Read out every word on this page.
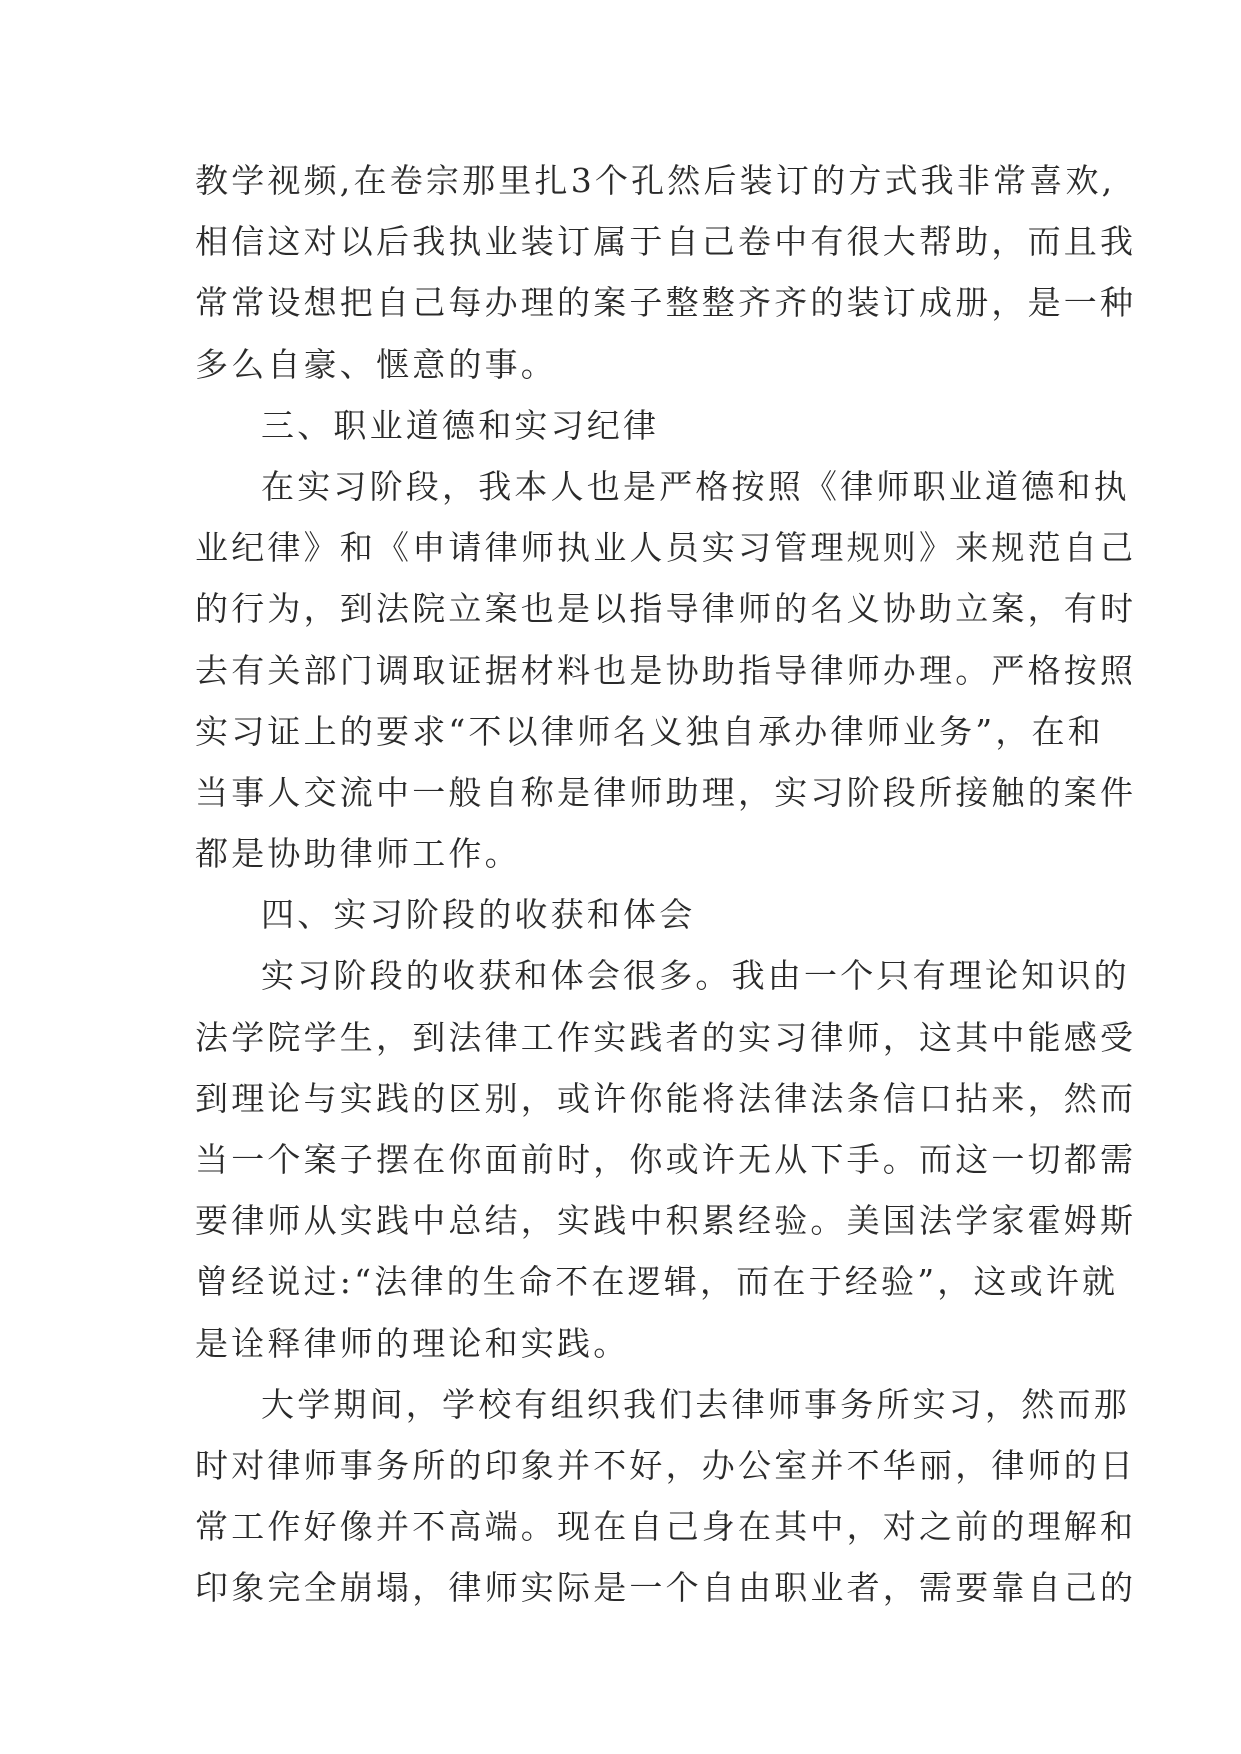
教学视频,在卷宗那里扎3个孔然后装订的方式我非常喜欢,
相信这对以后我执业装订属于自己卷中有很大帮助，而且我
常常设想把自己每办理的案子整整齐齐的装订成册，是一种
多么自豪、惬意的事。
三、职业道德和实习纪律
在实习阶段，我本人也是严格按照《律师职业道德和执
业纪律》和《申请律师执业人员实习管理规则》来规范自己
的行为，到法院立案也是以指导律师的名义协助立案，有时
去有关部门调取证据材料也是协助指导律师办理。严格按照
实习证上的要求“不以律师名义独自承办律师业务”，在和
当事人交流中一般自称是律师助理，实习阶段所接触的案件
都是协助律师工作。
四、实习阶段的收获和体会
实习阶段的收获和体会很多。我由一个只有理论知识的
法学院学生，到法律工作实践者的实习律师，这其中能感受
到理论与实践的区别，或许你能将法律法条信口拈来，然而
当一个案子摆在你面前时，你或许无从下手。而这一切都需
要律师从实践中总结，实践中积累经验。美国法学家霍姆斯
曾经说过:“法律的生命不在逻辑，而在于经验”，这或许就
是诠释律师的理论和实践。
大学期间，学校有组织我们去律师事务所实习，然而那
时对律师事务所的印象并不好，办公室并不华丽，律师的日
常工作好像并不高端。现在自己身在其中，对之前的理解和
印象完全崩塌，律师实际是一个自由职业者，需要靠自己的
